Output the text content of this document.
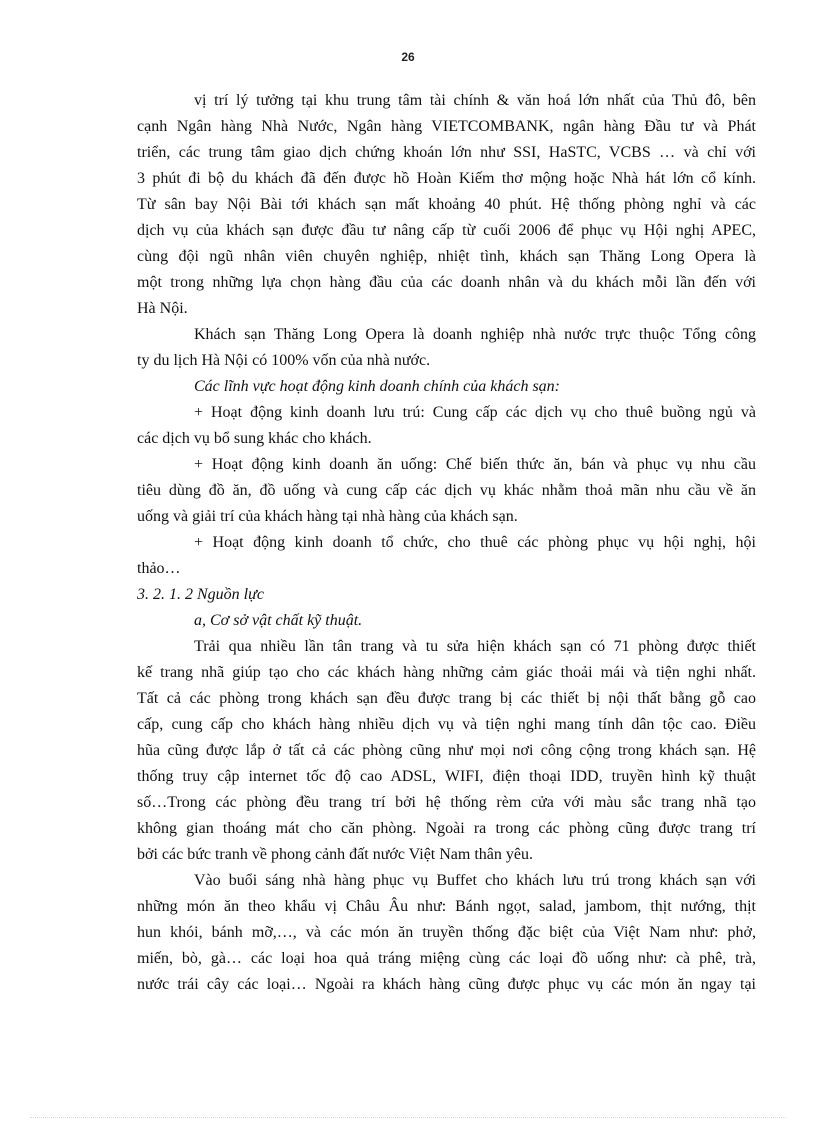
26
vị trí lý tưởng tại khu trung tâm tài chính & văn hoá lớn nhất của Thủ đô, bên
cạnh Ngân hàng Nhà Nước, Ngân hàng VIETCOMBANK, ngân hàng Đầu tư và Phát
triển, các trung tâm giao dịch chứng khoán lớn như SSI, HaSTC, VCBS … và chỉ với
3 phút đi bộ du khách đã đến được hồ Hoàn Kiếm thơ mộng hoặc Nhà hát lớn cổ kính.
Từ sân bay Nội Bài tới khách sạn mất khoảng 40 phút. Hệ thống phòng nghỉ và các
dịch vụ của khách sạn được đầu tư nâng cấp từ cuối 2006 để phục vụ Hội nghị APEC,
cùng đội ngũ nhân viên chuyên nghiệp, nhiệt tình, khách sạn Thăng Long Opera là
một trong những lựa chọn hàng đầu của các doanh nhân và du khách mỗi lần đến với
Hà Nội.
Khách sạn Thăng Long Opera là doanh nghiệp nhà nước trực thuộc Tổng công
ty du lịch Hà Nội có 100% vốn của nhà nước.
Các lĩnh vực hoạt động kinh doanh chính của khách sạn:
+ Hoạt động kinh doanh lưu trú: Cung cấp các dịch vụ cho thuê buồng ngủ và
các dịch vụ bổ sung khác cho khách.
+ Hoạt động kinh doanh ăn uống: Chế biến thức ăn, bán và phục vụ nhu cầu
tiêu dùng đồ ăn, đồ uống và cung cấp các dịch vụ khác nhằm thoả mãn nhu cầu về ăn
uống và giải trí của khách hàng tại nhà hàng của khách sạn.
+ Hoạt động kinh doanh tổ chức, cho thuê các phòng phục vụ hội nghị, hội
thảo…
3. 2. 1. 2 Nguồn lực
a, Cơ sở vật chất kỹ thuật.
Trải qua nhiều lần tân trang và tu sửa hiện khách sạn có 71 phòng được thiết
kế trang nhã giúp tạo cho các khách hàng những cảm giác thoải mái và tiện nghi nhất.
Tất cả các phòng trong khách sạn đều được trang bị các thiết bị nội thất bằng gỗ cao
cấp, cung cấp cho khách hàng nhiều dịch vụ và tiện nghi mang tính dân tộc cao. Điều
hũa cũng được lắp ở tất cả các phòng cũng như mọi nơi công cộng trong khách sạn. Hệ
thống truy cập internet tốc độ cao ADSL, WIFI, điện thoại IDD, truyền hình kỹ thuật
số…Trong các phòng đều trang trí bởi hệ thống rèm cửa với màu sắc trang nhã tạo
không gian thoáng mát cho căn phòng. Ngoài ra trong các phòng cũng được trang trí
bởi các bức tranh về phong cảnh đất nước Việt Nam thân yêu.
Vào buổi sáng nhà hàng phục vụ Buffet cho khách lưu trú trong khách sạn với
những món ăn theo khẩu vị Châu Âu như: Bánh ngọt, salad, jambom, thịt nướng, thịt
hun khói, bánh mỡ,…, và các món ăn truyền thống đặc biệt của Việt Nam như: phở,
miến, bò, gà… các loại hoa quả tráng miệng cùng các loại đồ uống như: cà phê, trà,
nước trái cây các loại… Ngoài ra khách hàng cũng được phục vụ các món ăn ngay tại
